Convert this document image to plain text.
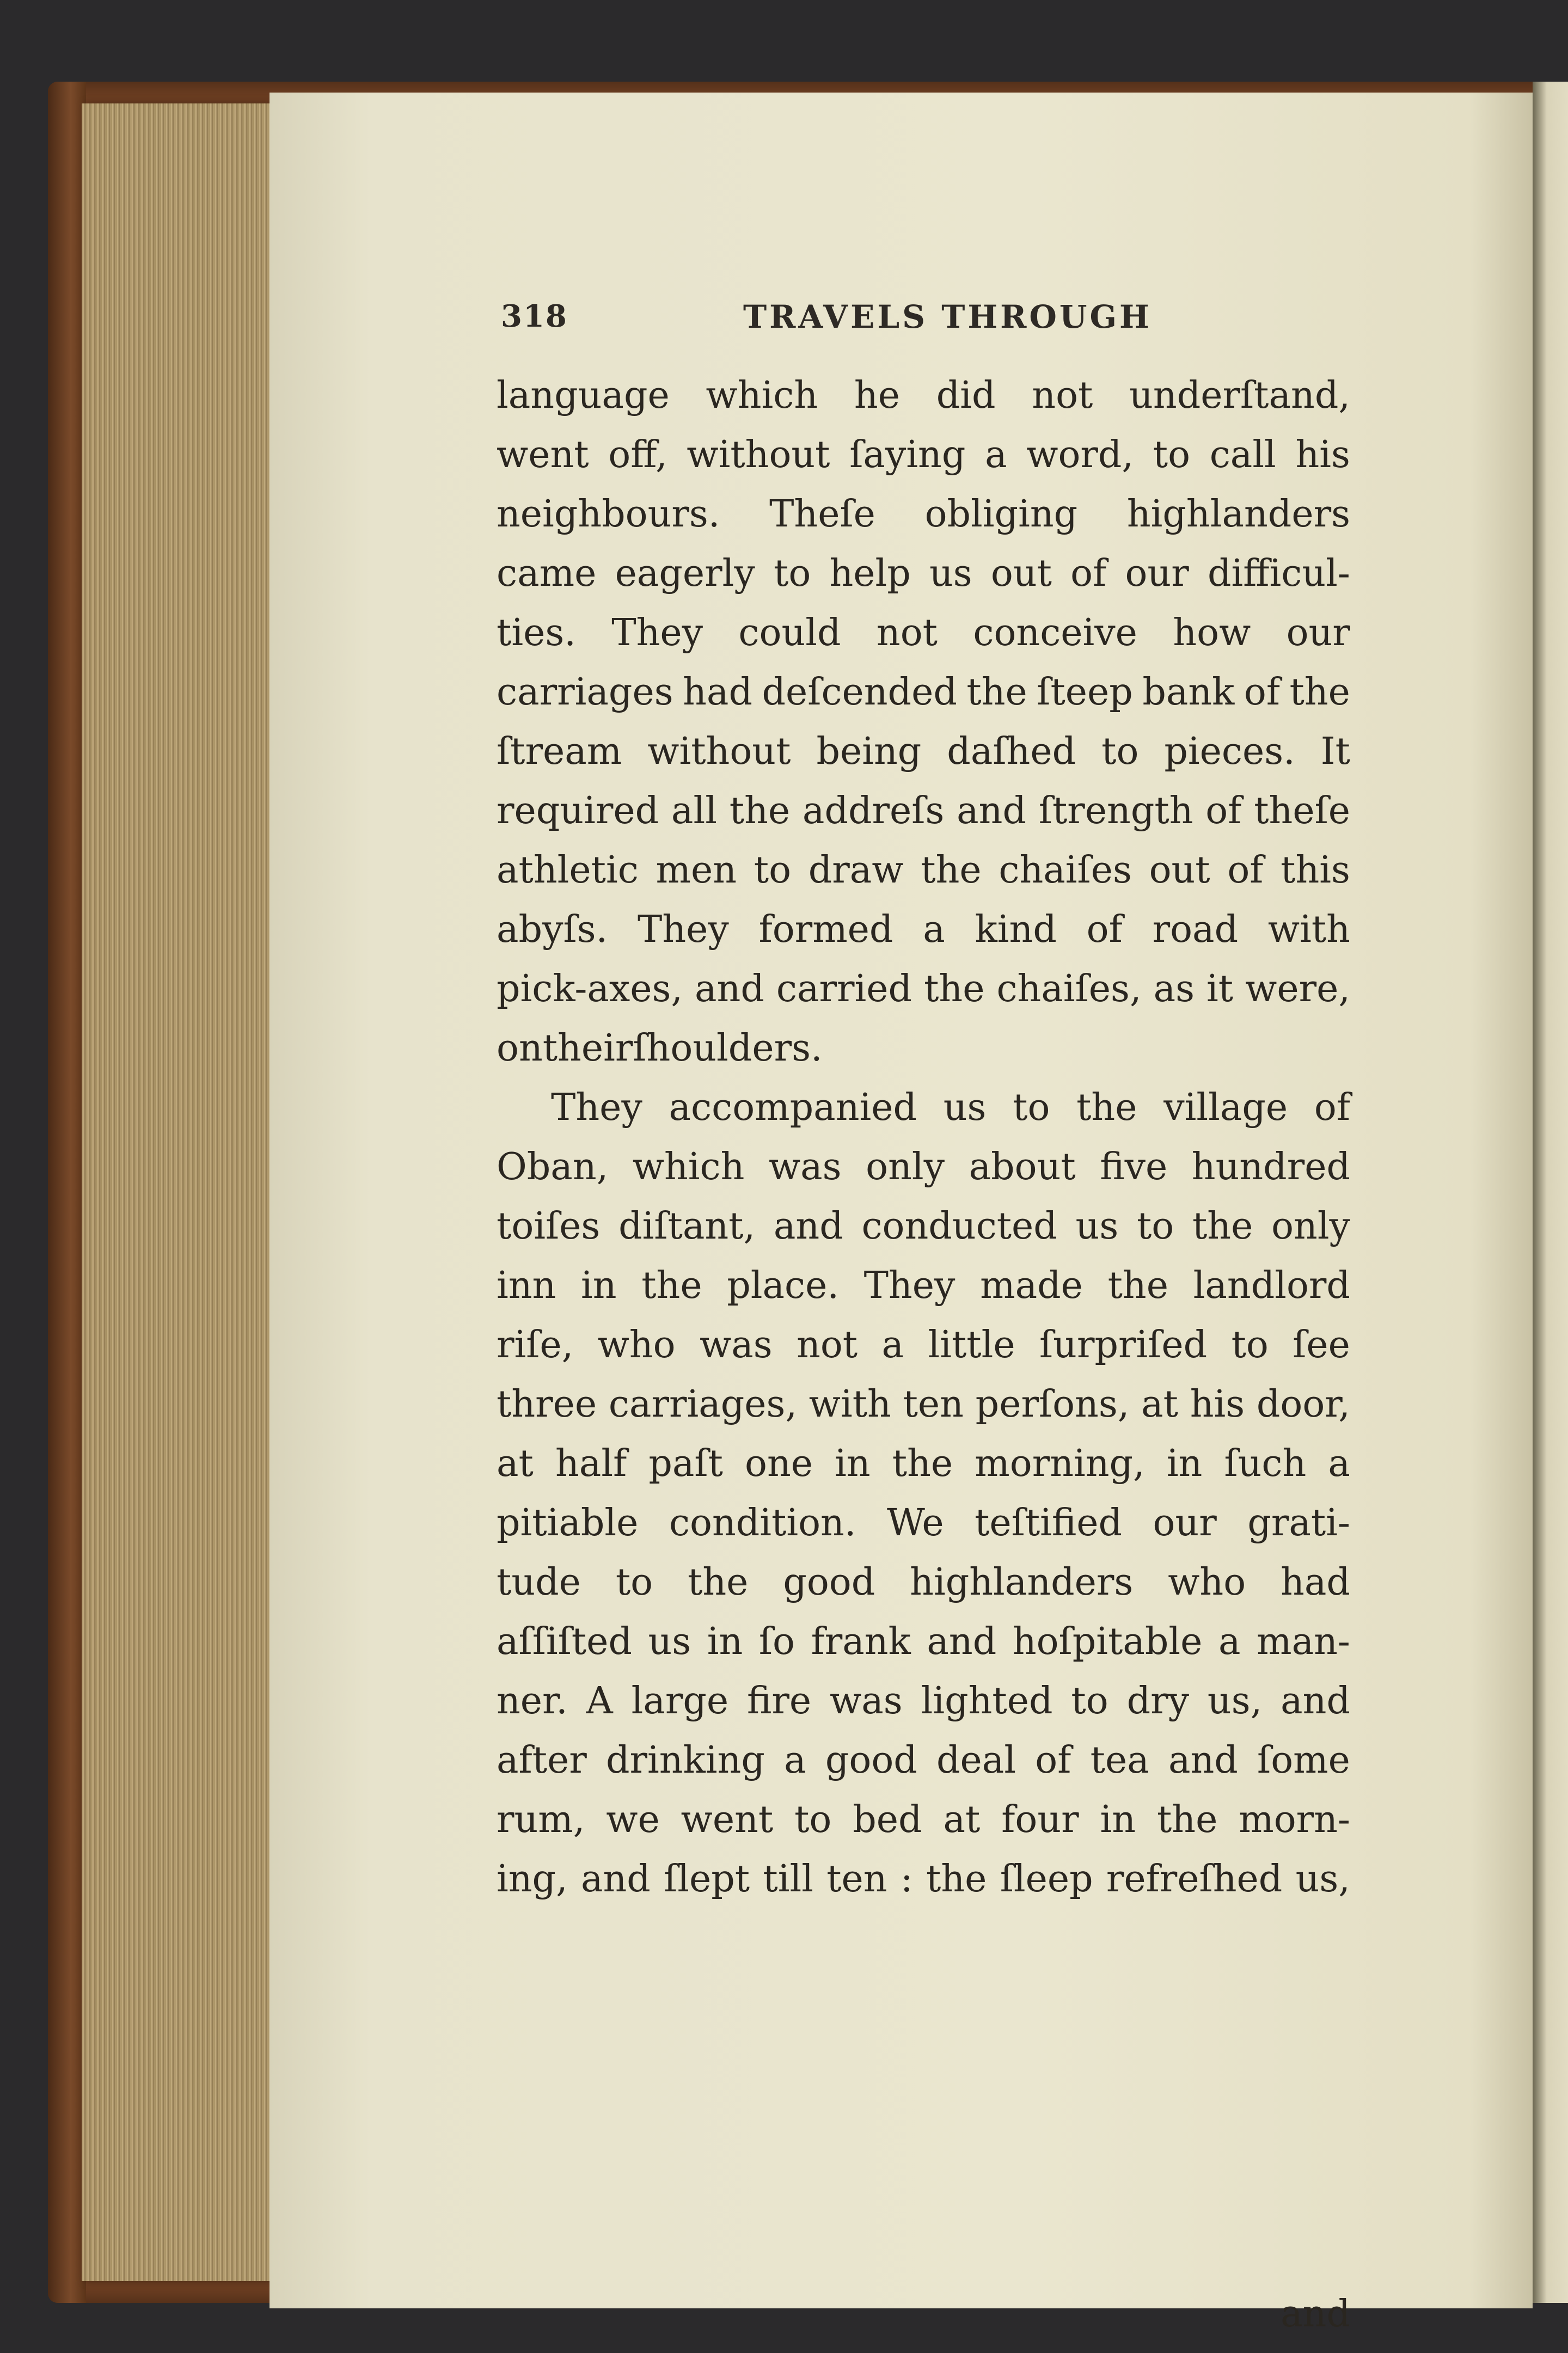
318	TRAVELS THROUGH
language which he did not underſtand,
went off, without ſaying a word, to call his
neighbours. Theſe obliging highlanders
came eagerly to help us out of our difficul-
ties. They could not conceive how our
carriages had deſcended the ſteep bank of the
ſtream without being daſhed to pieces. It
required all the addreſs and ſtrength of theſe
athletic men to draw the chaiſes out of this
abyſs. They formed a kind of road with
pick-axes, and carried the chaiſes, as it were,
on their ſhoulders.
They accompanied us to the village of
Oban, which was only about five hundred
toiſes diſtant, and conducted us to the only
inn in the place. They made the landlord
riſe, who was not a little ſurpriſed to ſee
three carriages, with ten perſons, at his door,
at half paſt one in the morning, in ſuch a
pitiable condition. We teſtified our grati-
tude to the good highlanders who had
aſſiſted us in ſo frank and hoſpitable a man-
ner. A large fire was lighted to dry us, and
after drinking a good deal of tea and ſome
rum, we went to bed at four in the morn-
ing, and ſlept till ten : the ſleep refreſhed us,
and
